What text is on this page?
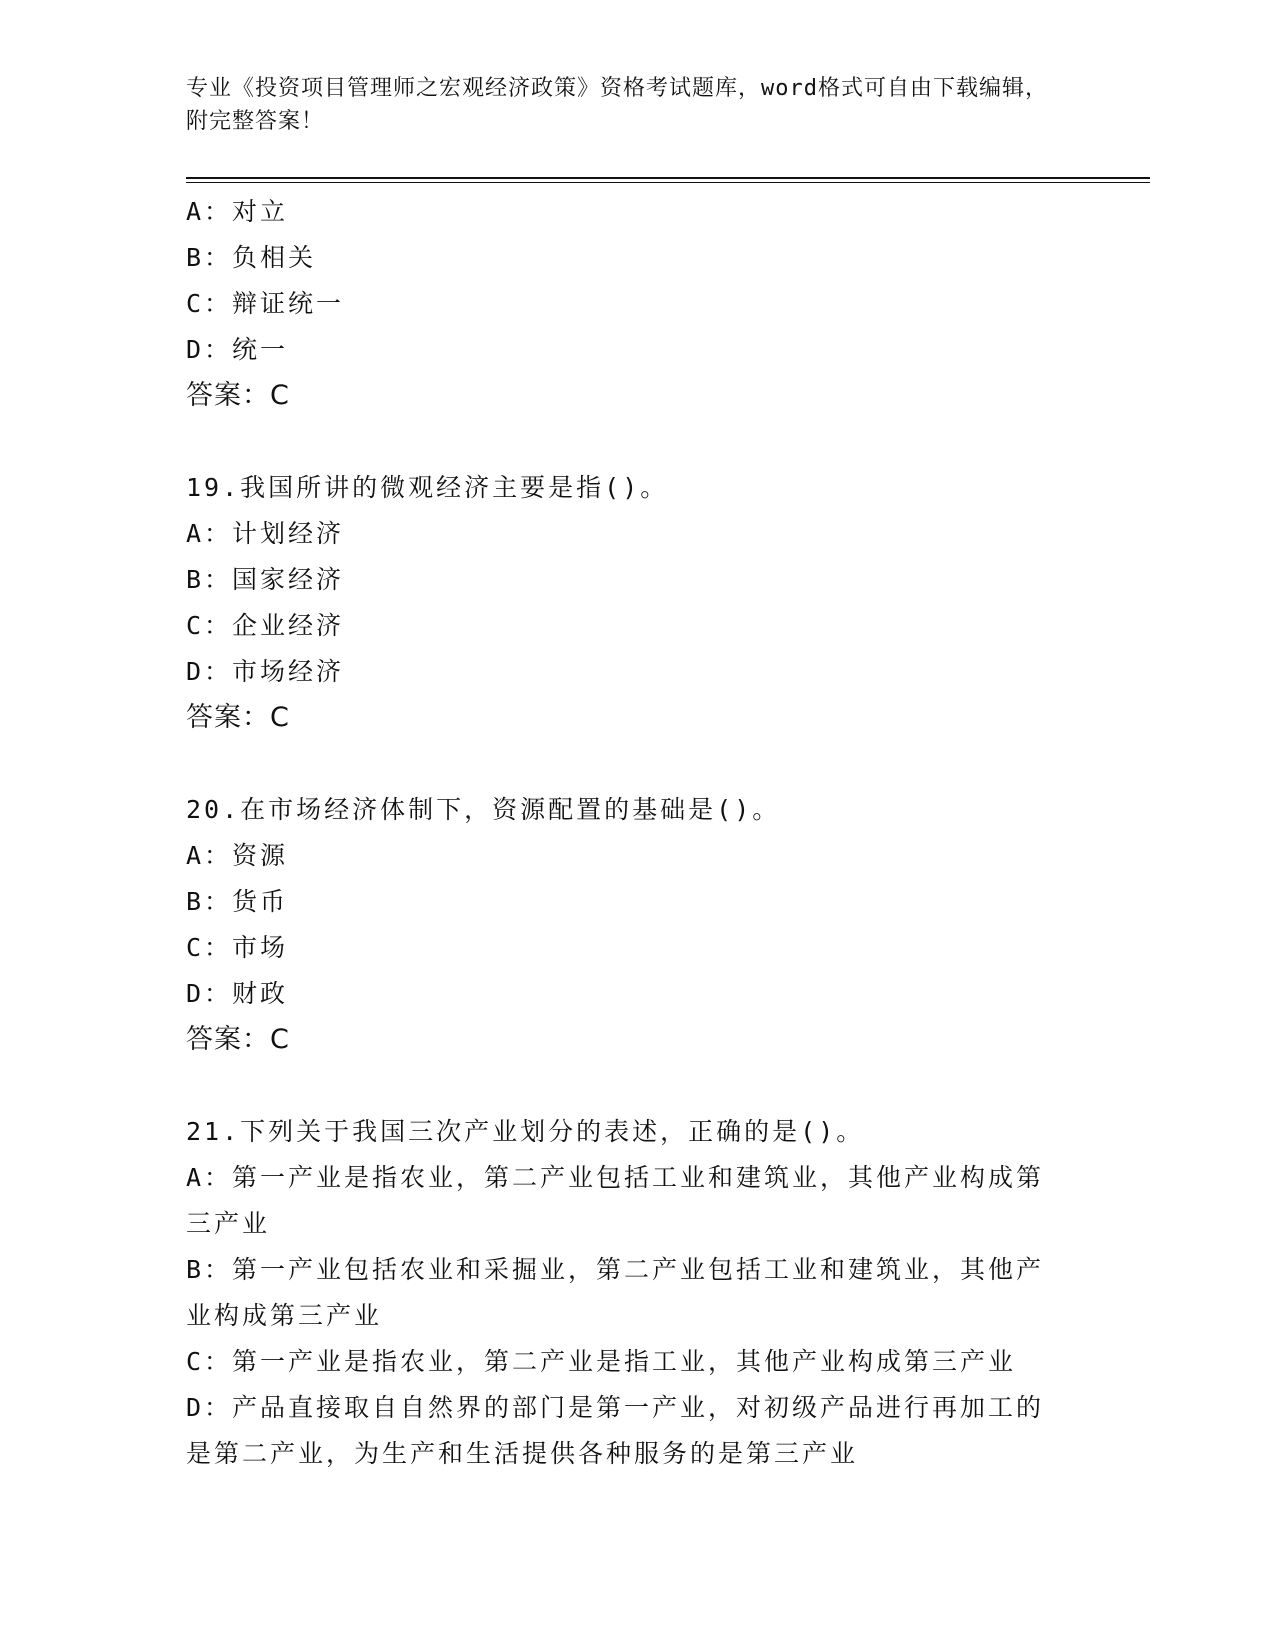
专业《投资项目管理师之宏观经济政策》资格考试题库，word格式可自由下载编辑，附完整答案！
A：对立
B：负相关
C：辩证统一
D：统一
答案：C
19.我国所讲的微观经济主要是指()。
A：计划经济
B：国家经济
C：企业经济
D：市场经济
答案：C
20.在市场经济体制下，资源配置的基础是()。
A：资源
B：货币
C：市场
D：财政
答案：C
21.下列关于我国三次产业划分的表述，正确的是()。
A：第一产业是指农业，第二产业包括工业和建筑业，其他产业构成第三产业
B：第一产业包括农业和采掘业，第二产业包括工业和建筑业，其他产业构成第三产业
C：第一产业是指农业，第二产业是指工业，其他产业构成第三产业
D：产品直接取自自然界的部门是第一产业，对初级产品进行再加工的是第二产业，为生产和生活提供各种服务的是第三产业
